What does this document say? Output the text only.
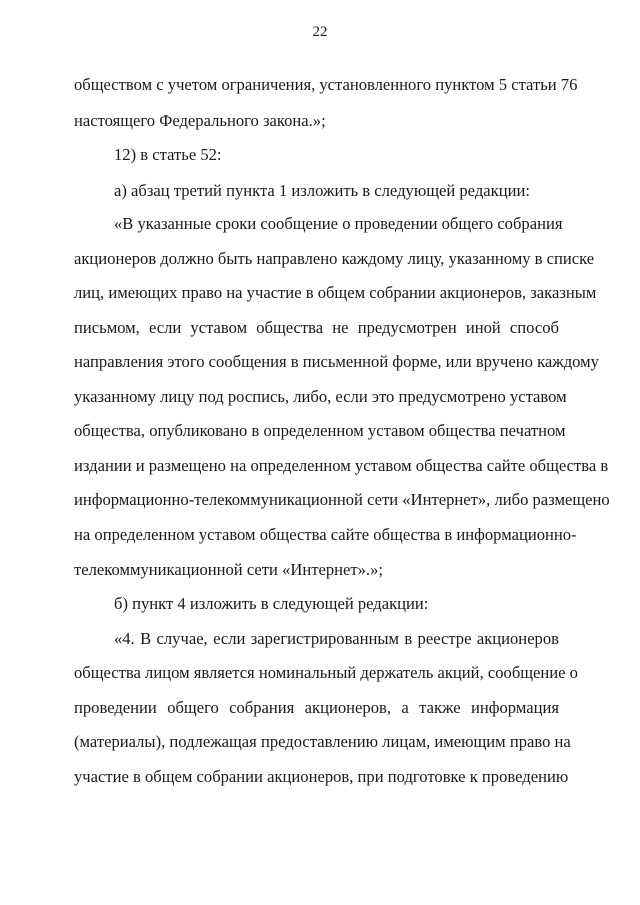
22
обществом с учетом ограничения, установленного пунктом 5 статьи 76
настоящего Федерального закона.»;
12) в статье 52:
а) абзац третий пункта 1 изложить в следующей редакции:
«В указанные сроки сообщение о проведении общего собрания
акционеров должно быть направлено каждому лицу, указанному в списке
лиц, имеющих право на участие в общем собрании акционеров, заказным
письмом, если уставом общества не предусмотрен иной способ
направления этого сообщения в письменной форме, или вручено каждому
указанному лицу под роспись, либо, если это предусмотрено уставом
общества, опубликовано в определенном уставом общества печатном
издании и размещено на определенном уставом общества сайте общества в
информационно-телекоммуникационной сети «Интернет», либо размещено
на определенном уставом общества сайте общества в информационно-
телекоммуникационной сети «Интернет».»;
б) пункт 4 изложить в следующей редакции:
«4. В случае, если зарегистрированным в реестре акционеров
общества лицом является номинальный держатель акций, сообщение о
проведении общего собрания акционеров, а также информация
(материалы), подлежащая предоставлению лицам, имеющим право на
участие в общем собрании акционеров, при подготовке к проведению
